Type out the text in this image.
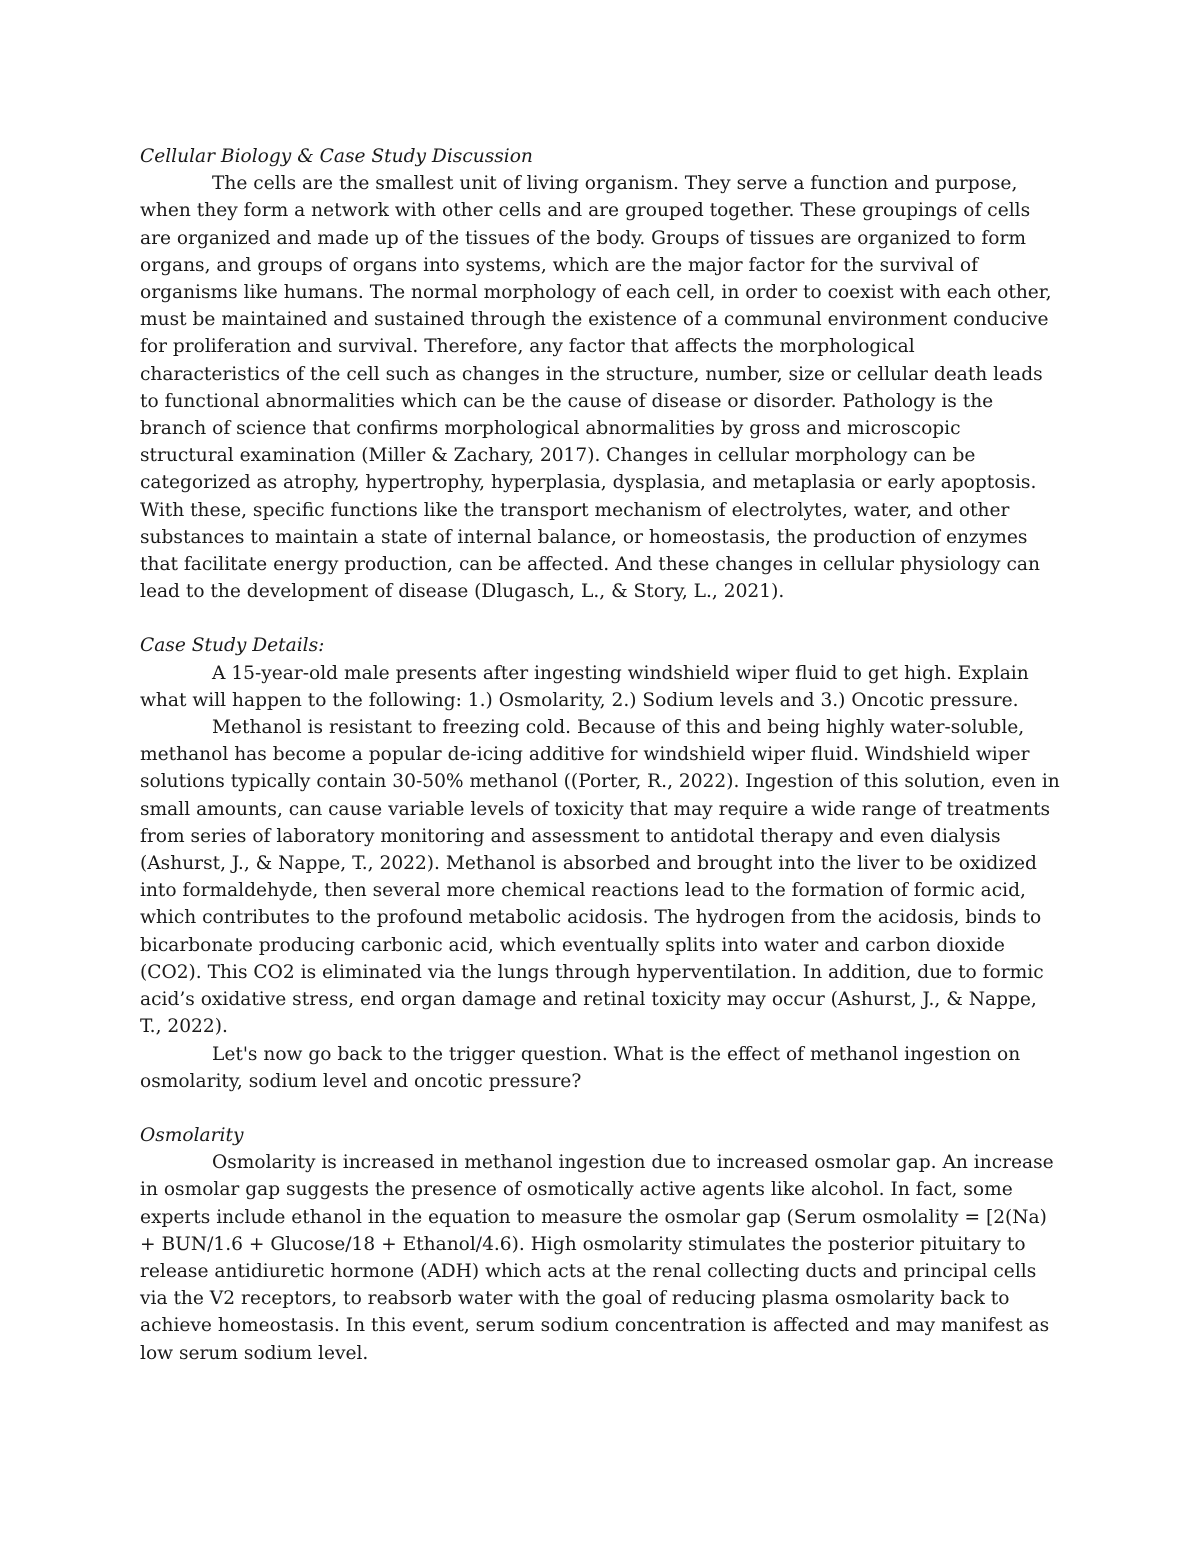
Cellular Biology & Case Study Discussion

The cells are the smallest unit of living organism. They serve a function and purpose, when they form a network with other cells and are grouped together. These groupings of cells are organized and made up of the tissues of the body. Groups of tissues are organized to form organs, and groups of organs into systems, which are the major factor for the survival of organisms like humans. The normal morphology of each cell, in order to coexist with each other, must be maintained and sustained through the existence of a communal environment conducive for proliferation and survival. Therefore, any factor that affects the morphological characteristics of the cell such as changes in the structure, number, size or cellular death leads to functional abnormalities which can be the cause of disease or disorder. Pathology is the branch of science that confirms morphological abnormalities by gross and microscopic structural examination (Miller & Zachary, 2017). Changes in cellular morphology can be categorized as atrophy, hypertrophy, hyperplasia, dysplasia, and metaplasia or early apoptosis. With these, specific functions like the transport mechanism of electrolytes, water, and other substances to maintain a state of internal balance, or homeostasis, the production of enzymes that facilitate energy production, can be affected. And these changes in cellular physiology can lead to the development of disease (Dlugasch, L., & Story, L., 2021).

Case Study Details:

A 15-year-old male presents after ingesting windshield wiper fluid to get high. Explain what will happen to the following: 1.) Osmolarity, 2.) Sodium levels and 3.) Oncotic pressure.

Methanol is resistant to freezing cold. Because of this and being highly water-soluble, methanol has become a popular de-icing additive for windshield wiper fluid. Windshield wiper solutions typically contain 30-50% methanol ((Porter, R., 2022). Ingestion of this solution, even in small amounts, can cause variable levels of toxicity that may require a wide range of treatments from series of laboratory monitoring and assessment to antidotal therapy and even dialysis (Ashurst, J., & Nappe, T., 2022). Methanol is absorbed and brought into the liver to be oxidized into formaldehyde, then several more chemical reactions lead to the formation of formic acid, which contributes to the profound metabolic acidosis. The hydrogen from the acidosis, binds to bicarbonate producing carbonic acid, which eventually splits into water and carbon dioxide (CO2). This CO2 is eliminated via the lungs through hyperventilation. In addition, due to formic acid’s oxidative stress, end organ damage and retinal toxicity may occur (Ashurst, J., & Nappe, T., 2022).

Let's now go back to the trigger question. What is the effect of methanol ingestion on osmolarity, sodium level and oncotic pressure?

Osmolarity

Osmolarity is increased in methanol ingestion due to increased osmolar gap. An increase in osmolar gap suggests the presence of osmotically active agents like alcohol. In fact, some experts include ethanol in the equation to measure the osmolar gap (Serum osmolality = [2(Na) + BUN/1.6 + Glucose/18 + Ethanol/4.6). High osmolarity stimulates the posterior pituitary to release antidiuretic hormone (ADH) which acts at the renal collecting ducts and principal cells via the V2 receptors, to reabsorb water with the goal of reducing plasma osmolarity back to achieve homeostasis. In this event, serum sodium concentration is affected and may manifest as low serum sodium level.
